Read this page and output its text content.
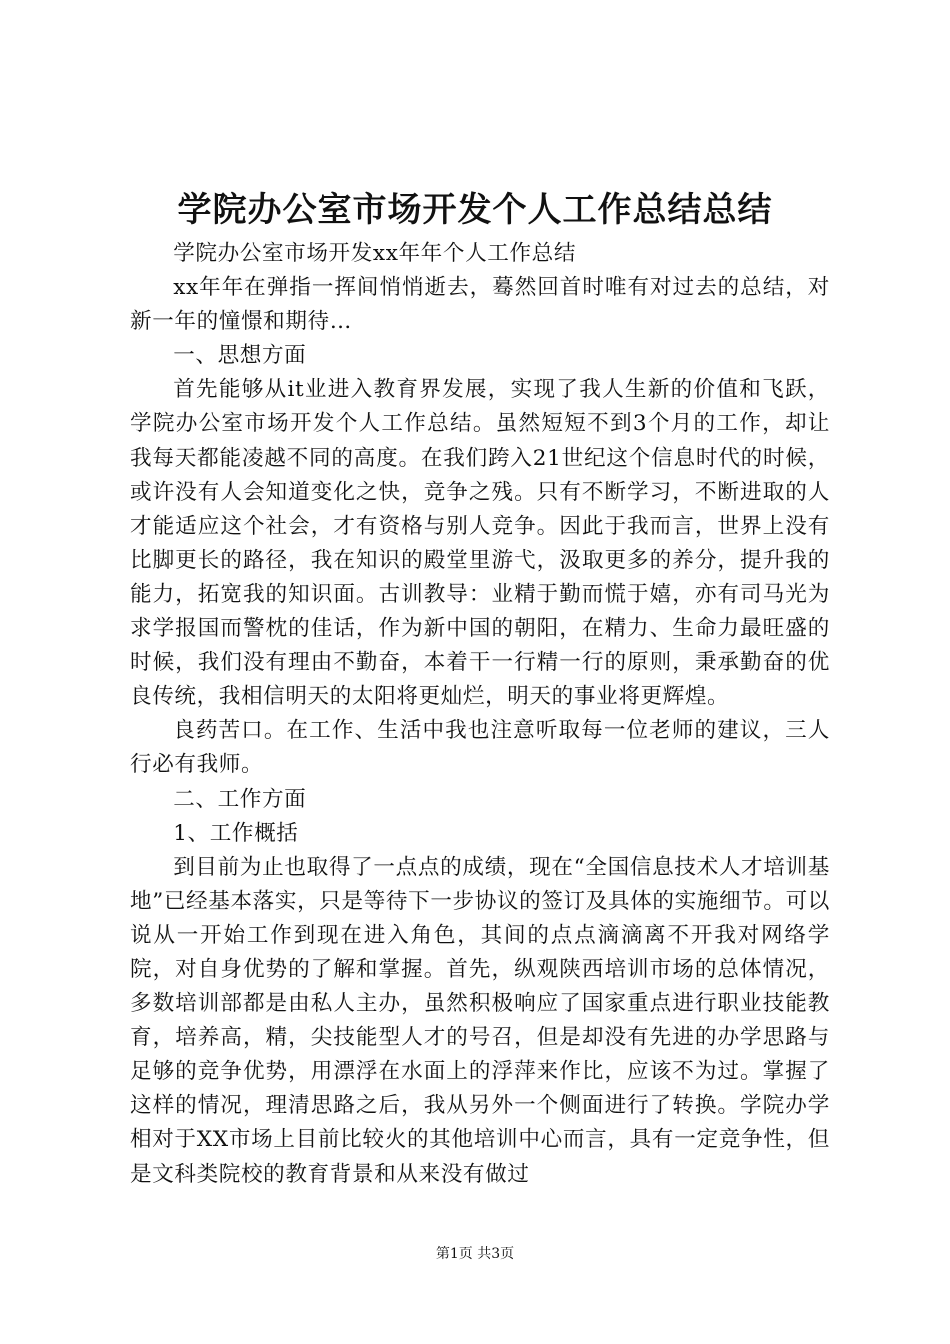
学院办公室市场开发个人工作总结总结

学院办公室市场开发xx年年个人工作总结

xx年年在弹指一挥间悄悄逝去，蓦然回首时唯有对过去的总结，对新一年的憧憬和期待…

一、思想方面

首先能够从it业进入教育界发展，实现了我人生新的价值和飞跃，学院办公室市场开发个人工作总结。虽然短短不到3个月的工作，却让我每天都能凌越不同的高度。在我们跨入21世纪这个信息时代的时候，或许没有人会知道变化之快，竞争之残。只有不断学习，不断进取的人才能适应这个社会，才有资格与别人竞争。因此于我而言，世界上没有比脚更长的路径，我在知识的殿堂里游弋，汲取更多的养分，提升我的能力，拓宽我的知识面。古训教导：业精于勤而慌于嬉，亦有司马光为求学报国而警枕的佳话，作为新中国的朝阳，在精力、生命力最旺盛的时候，我们没有理由不勤奋，本着干一行精一行的原则，秉承勤奋的优良传统，我相信明天的太阳将更灿烂，明天的事业将更辉煌。

良药苦口。在工作、生活中我也注意听取每一位老师的建议，三人行必有我师。

二、工作方面

1、工作概括

到目前为止也取得了一点点的成绩，现在“全国信息技术人才培训基地”已经基本落实，只是等待下一步协议的签订及具体的实施细节。可以说从一开始工作到现在进入角色，其间的点点滴滴离不开我对网络学院，对自身优势的了解和掌握。首先，纵观陕西培训市场的总体情况，多数培训部都是由私人主办，虽然积极响应了国家重点进行职业技能教育，培养高，精，尖技能型人才的号召，但是却没有先进的办学思路与足够的竞争优势，用漂浮在水面上的浮萍来作比，应该不为过。掌握了这样的情况，理清思路之后，我从另外一个侧面进行了转换。学院办学相对于XX市场上目前比较火的其他培训中心而言，具有一定竞争性，但是文科类院校的教育背景和从来没有做过

第1页 共3页
